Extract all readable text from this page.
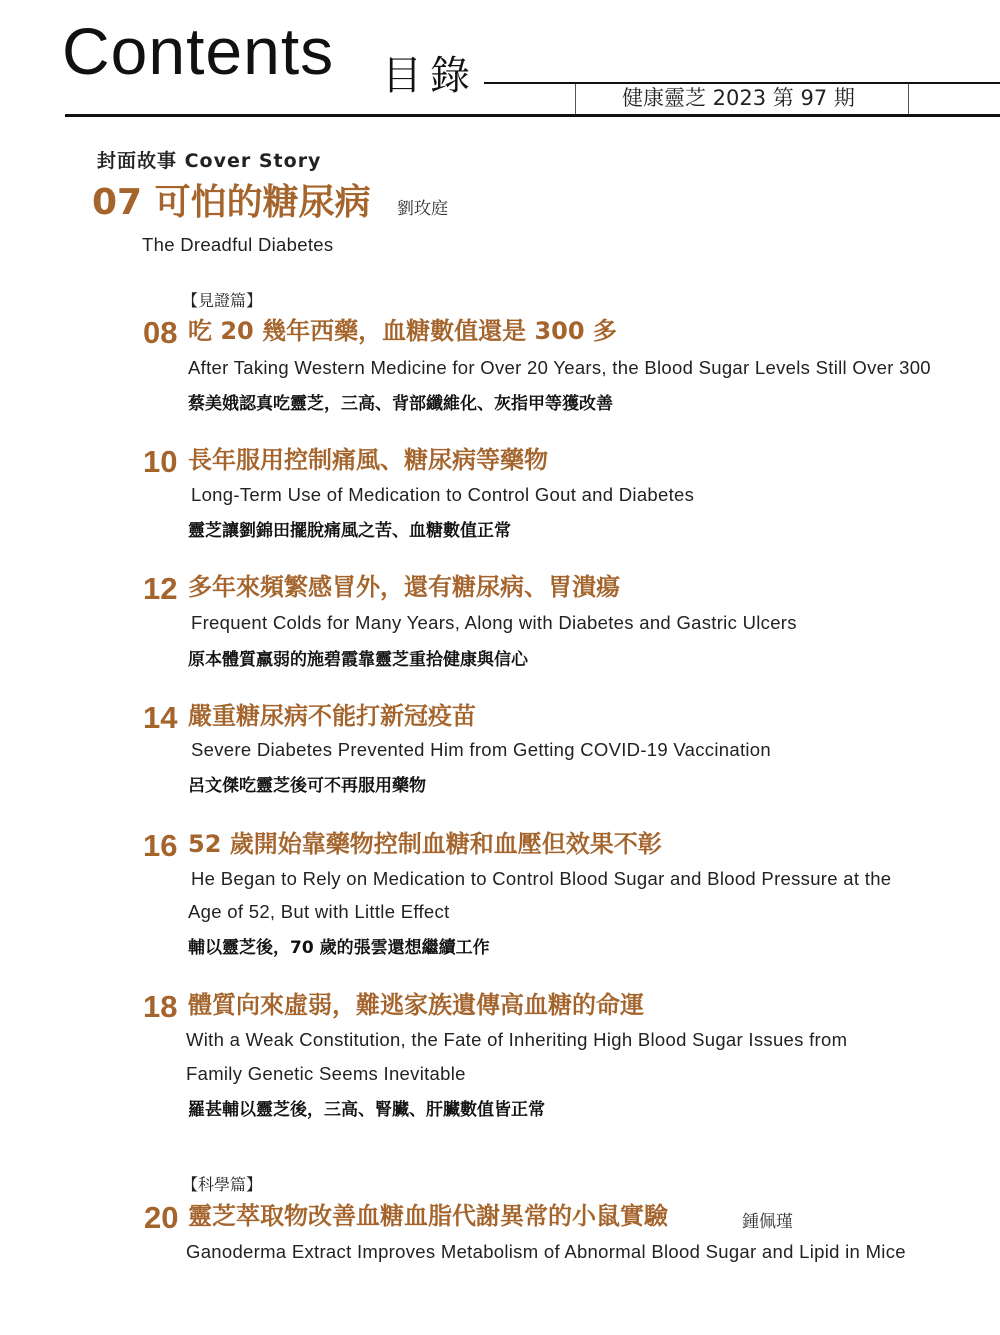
Contents 目錄	健康靈芝 2023 第 97 期
封面故事 Cover Story
07 可怕的糖尿病 劉玫庭
The Dreadful Diabetes
【見證篇】
08 吃 20 幾年西藥，血糖數值還是 300 多
After Taking Western Medicine for Over 20 Years, the Blood Sugar Levels Still Over 300
蔡美娥認真吃靈芝，三高、背部纖維化、灰指甲等獲改善
10 長年服用控制痛風、糖尿病等藥物
Long-Term Use of Medication to Control Gout and Diabetes
靈芝讓劉錦田擺脫痛風之苦、血糖數值正常
12 多年來頻繁感冒外，還有糖尿病、胃潰瘍
Frequent Colds for Many Years, Along with Diabetes and Gastric Ulcers
原本體質羸弱的施碧霞靠靈芝重拾健康與信心
14 嚴重糖尿病不能打新冠疫苗
Severe Diabetes Prevented Him from Getting COVID-19 Vaccination
呂文傑吃靈芝後可不再服用藥物
16 52 歲開始靠藥物控制血糖和血壓但效果不彰
He Began to Rely on Medication to Control Blood Sugar and Blood Pressure at the
Age of 52, But with Little Effect
輔以靈芝後，70 歲的張雲還想繼續工作
18 體質向來虛弱，難逃家族遺傳高血糖的命運
With a Weak Constitution, the Fate of Inheriting High Blood Sugar Issues from
Family Genetic Seems Inevitable
羅甚輔以靈芝後，三高、腎臟、肝臟數值皆正常
【科學篇】
20 靈芝萃取物改善血糖血脂代謝異常的小鼠實驗	鍾佩瑾
Ganoderma Extract Improves Metabolism of Abnormal Blood Sugar and Lipid in Mice
